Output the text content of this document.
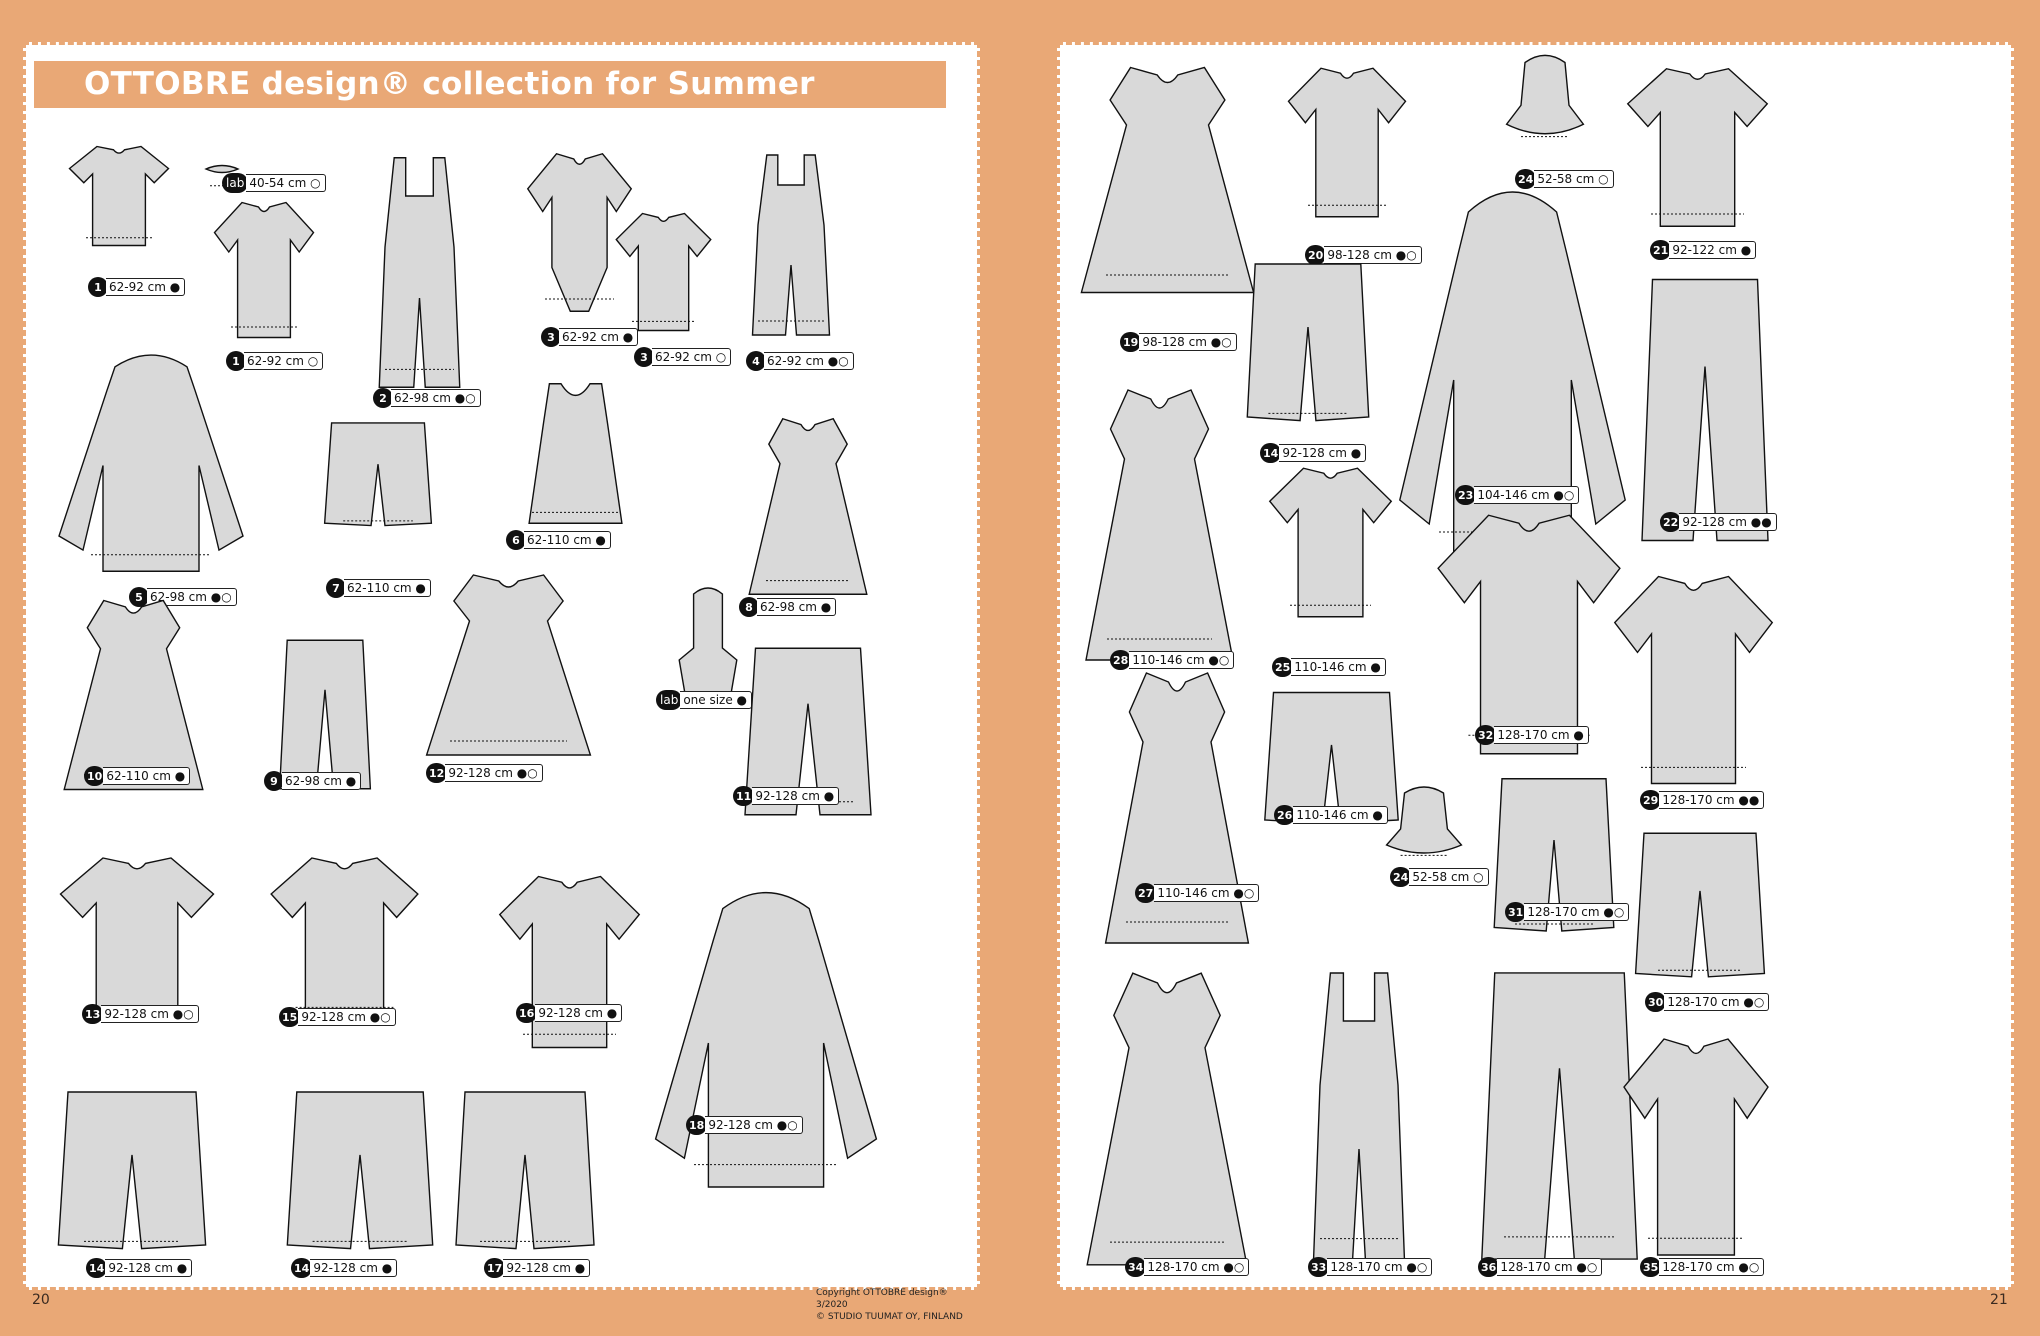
OTTOBRE design® collection for Summer 3/2020
Copyright OTTOBRE design® 3/2020
© STUDIO TUUMAT OY, FINLAND
1 62-92 cm ●
lab 40-54 cm ○
1 62-92 cm ○
2 62-98 cm ●○
3 62-92 cm ●
3 62-92 cm ○	4 62-92 cm ●○
5 62-98 cm ●○
7 62-110 cm ●
6 62-110 cm ●
8 62-98 cm ●
10 62-110 cm ●	9 62-98 cm ●
12 92-128 cm ●○
lab one size ●
11 92-128 cm ●
13 92-128 cm ●○	15 92-128 cm ●○	16 92-128 cm ●
18 92-128 cm ●○
14 92-128 cm ●	14 92-128 cm ●	17 92-128 cm ●
20
19 98-128 cm ●○
20 98-128 cm ●○
24 52-58 cm ○
21 92-122 cm ●
14 92-128 cm ●
23 104-146 cm ●○
22 92-128 cm ●●
28 110-146 cm ●○	25 110-146 cm ●
32 128-170 cm ●
29 128-170 cm ●●
27 110-146 cm ●○
26 110-146 cm ●
24 52-58 cm ○
31 128-170 cm ●○
30 128-170 cm ●○
34 128-170 cm ●○	33 128-170 cm ●○	36 128-170 cm ●○	35 128-170 cm ●○
21
